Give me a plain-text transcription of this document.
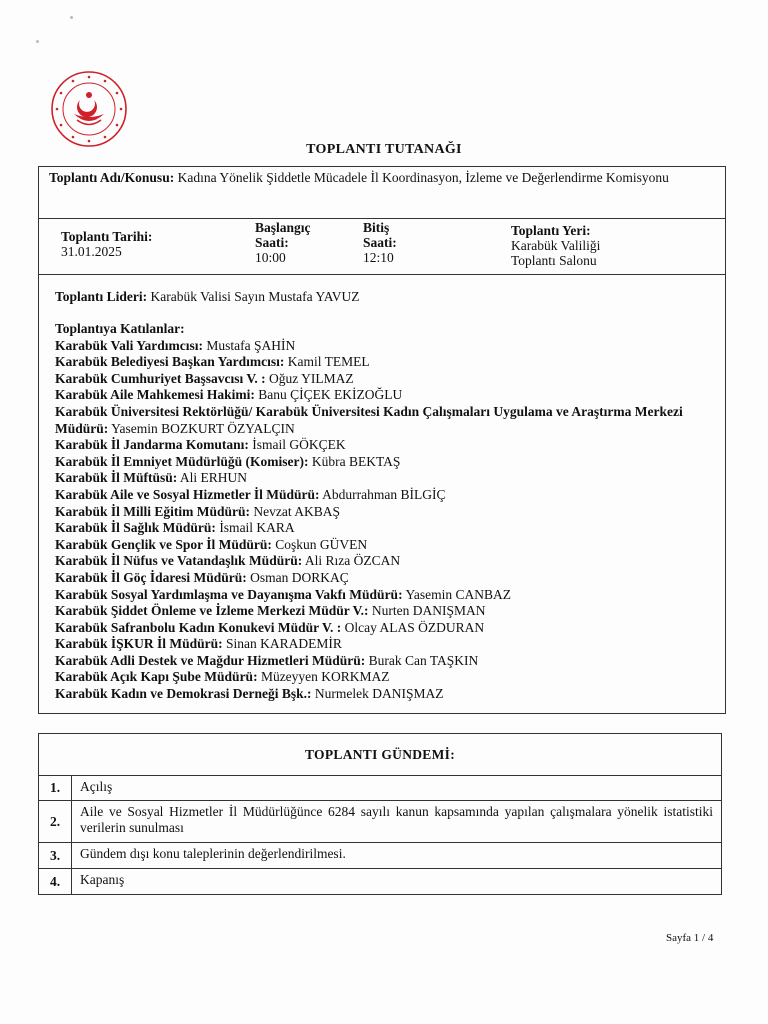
TOPLANTI TUTANAĞI
Toplantı Adı/Konusu: Kadına Yönelik Şiddetle Mücadele İl Koordinasyon, İzleme ve Değerlendirme Komisyonu
Toplantı Tarihi:
31.01.2025
Başlangıç
Saati:
10:00
Bitiş
Saati:
12:10
Toplantı Yeri:
Karabük Valiliği
Toplantı Salonu
Toplantı Lideri: Karabük Valisi Sayın Mustafa YAVUZ
Toplantıya Katılanlar:
Karabük Vali Yardımcısı: Mustafa ŞAHİN
Karabük Belediyesi Başkan Yardımcısı: Kamil TEMEL
Karabük Cumhuriyet Başsavcısı V. : Oğuz YILMAZ
Karabük Aile Mahkemesi Hakimi: Banu ÇİÇEK EKİZOĞLU
Karabük Üniversitesi Rektörlüğü/ Karabük Üniversitesi Kadın Çalışmaları Uygulama ve Araştırma Merkezi Müdürü: Yasemin BOZKURT ÖZYALÇIN
Karabük İl Jandarma Komutanı: İsmail GÖKÇEK
Karabük İl Emniyet Müdürlüğü (Komiser): Kübra BEKTAŞ
Karabük İl Müftüsü: Ali ERHUN
Karabük Aile ve Sosyal Hizmetler İl Müdürü: Abdurrahman BİLGİÇ
Karabük İl Milli Eğitim Müdürü: Nevzat AKBAŞ
Karabük İl Sağlık Müdürü: İsmail KARA
Karabük Gençlik ve Spor İl Müdürü: Coşkun GÜVEN
Karabük İl Nüfus ve Vatandaşlık Müdürü: Ali Rıza ÖZCAN
Karabük İl Göç İdaresi Müdürü: Osman DORKAÇ
Karabük Sosyal Yardımlaşma ve Dayanışma Vakfı Müdürü: Yasemin CANBAZ
Karabük Şiddet Önleme ve İzleme Merkezi Müdür V.: Nurten DANIŞMAN
Karabük Safranbolu Kadın Konukevi Müdür V. : Olcay ALAS ÖZDURAN
Karabük İŞKUR İl Müdürü: Sinan KARADEMİR
Karabük Adli Destek ve Mağdur Hizmetleri Müdürü: Burak Can TAŞKIN
Karabük Açık Kapı Şube Müdürü: Müzeyyen KORKMAZ
Karabük Kadın ve Demokrasi Derneği Bşk.: Nurmelek DANIŞMAZ
TOPLANTI GÜNDEMİ:
1.	Açılış
2.
Aile ve Sosyal Hizmetler İl Müdürlüğünce 6284 sayılı kanun kapsamında yapılan çalışmalara yönelik istatistiki verilerin sunulması
3.	Gündem dışı konu taleplerinin değerlendirilmesi.
4.	Kapanış
Sayfa 1 / 4
